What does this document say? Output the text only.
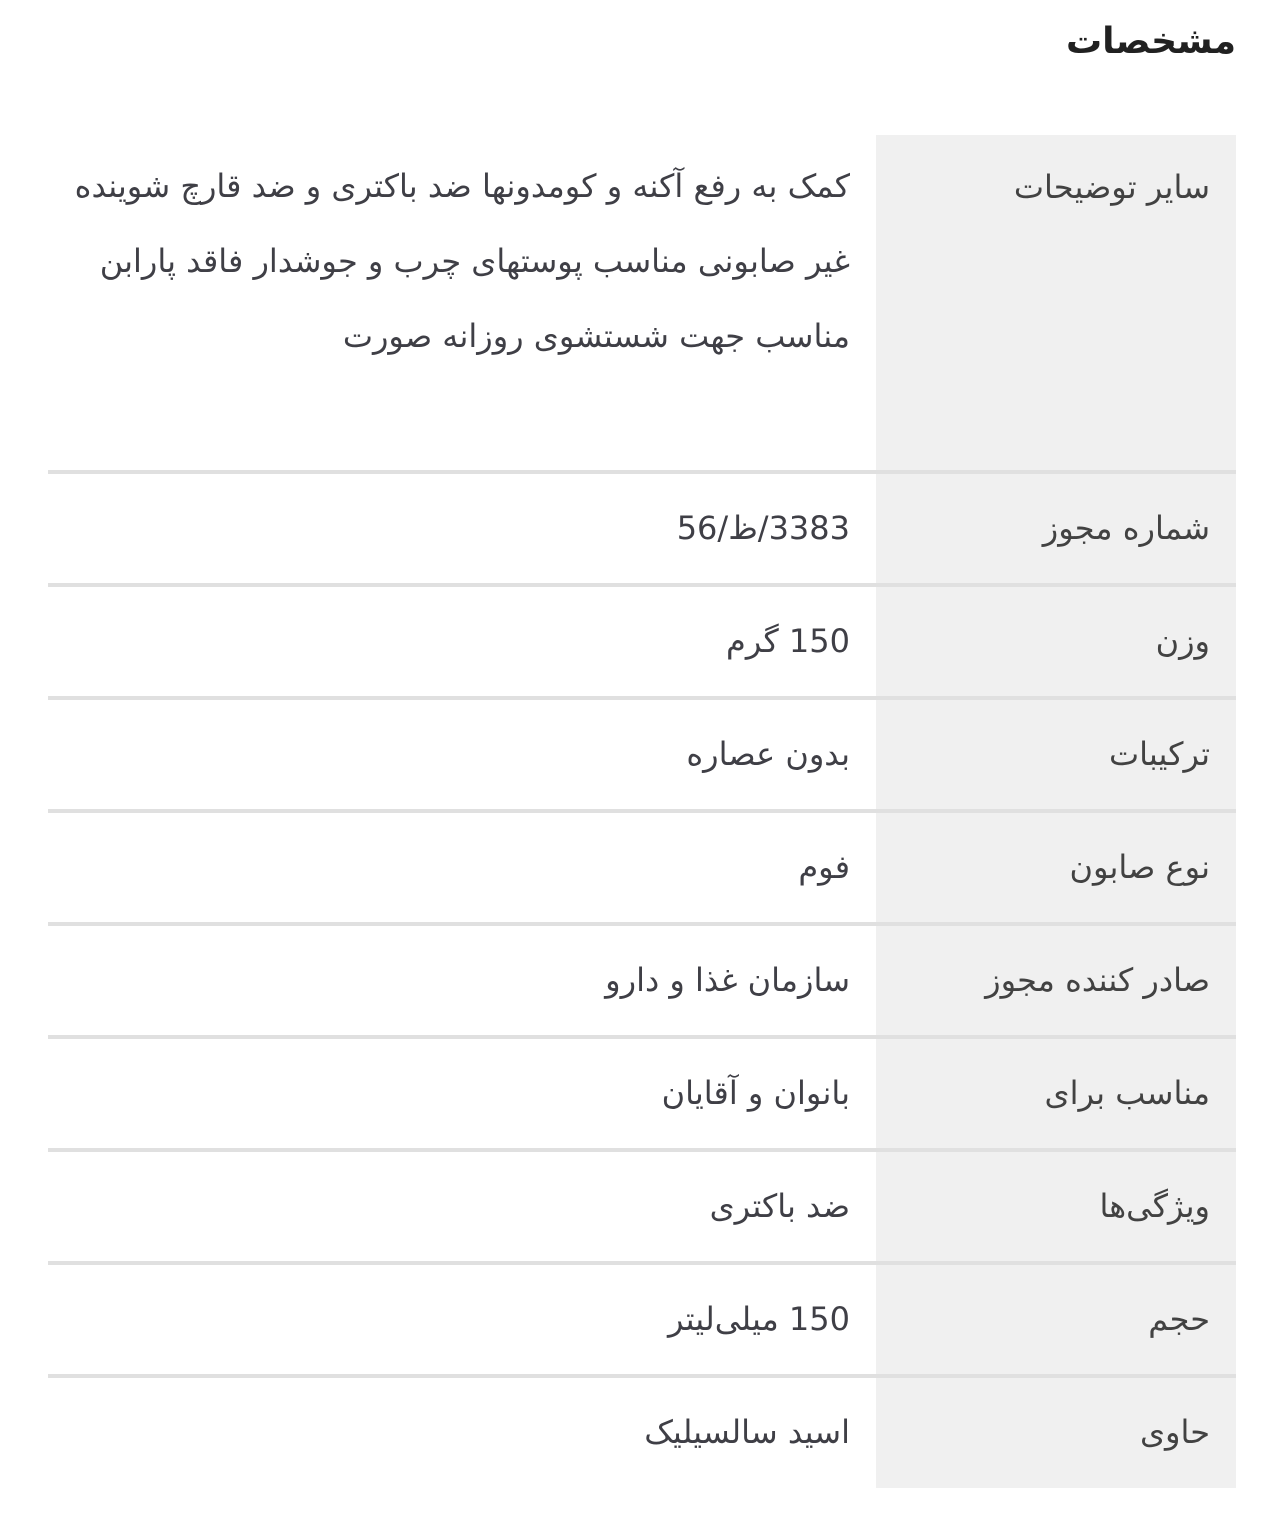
مشخصات
سایر توضیحات
کمک به رفع آکنه و کومدونها ضد باکتری و ضد قارچ شوینده غیر صابونی مناسب پوستهای چرب و جوشدار فاقد پارابن مناسب جهت شستشوی روزانه صورت
شماره مجوز
3383/ظ/56
وزن
150 گرم
ترکیبات
بدون عصاره
نوع صابون
فوم
صادر کننده مجوز
سازمان غذا و دارو
مناسب برای
بانوان و آقایان
ویژگی‌ها
ضد باکتری
حجم
150 میلی‌لیتر
حاوی
اسید سالسیلیک
